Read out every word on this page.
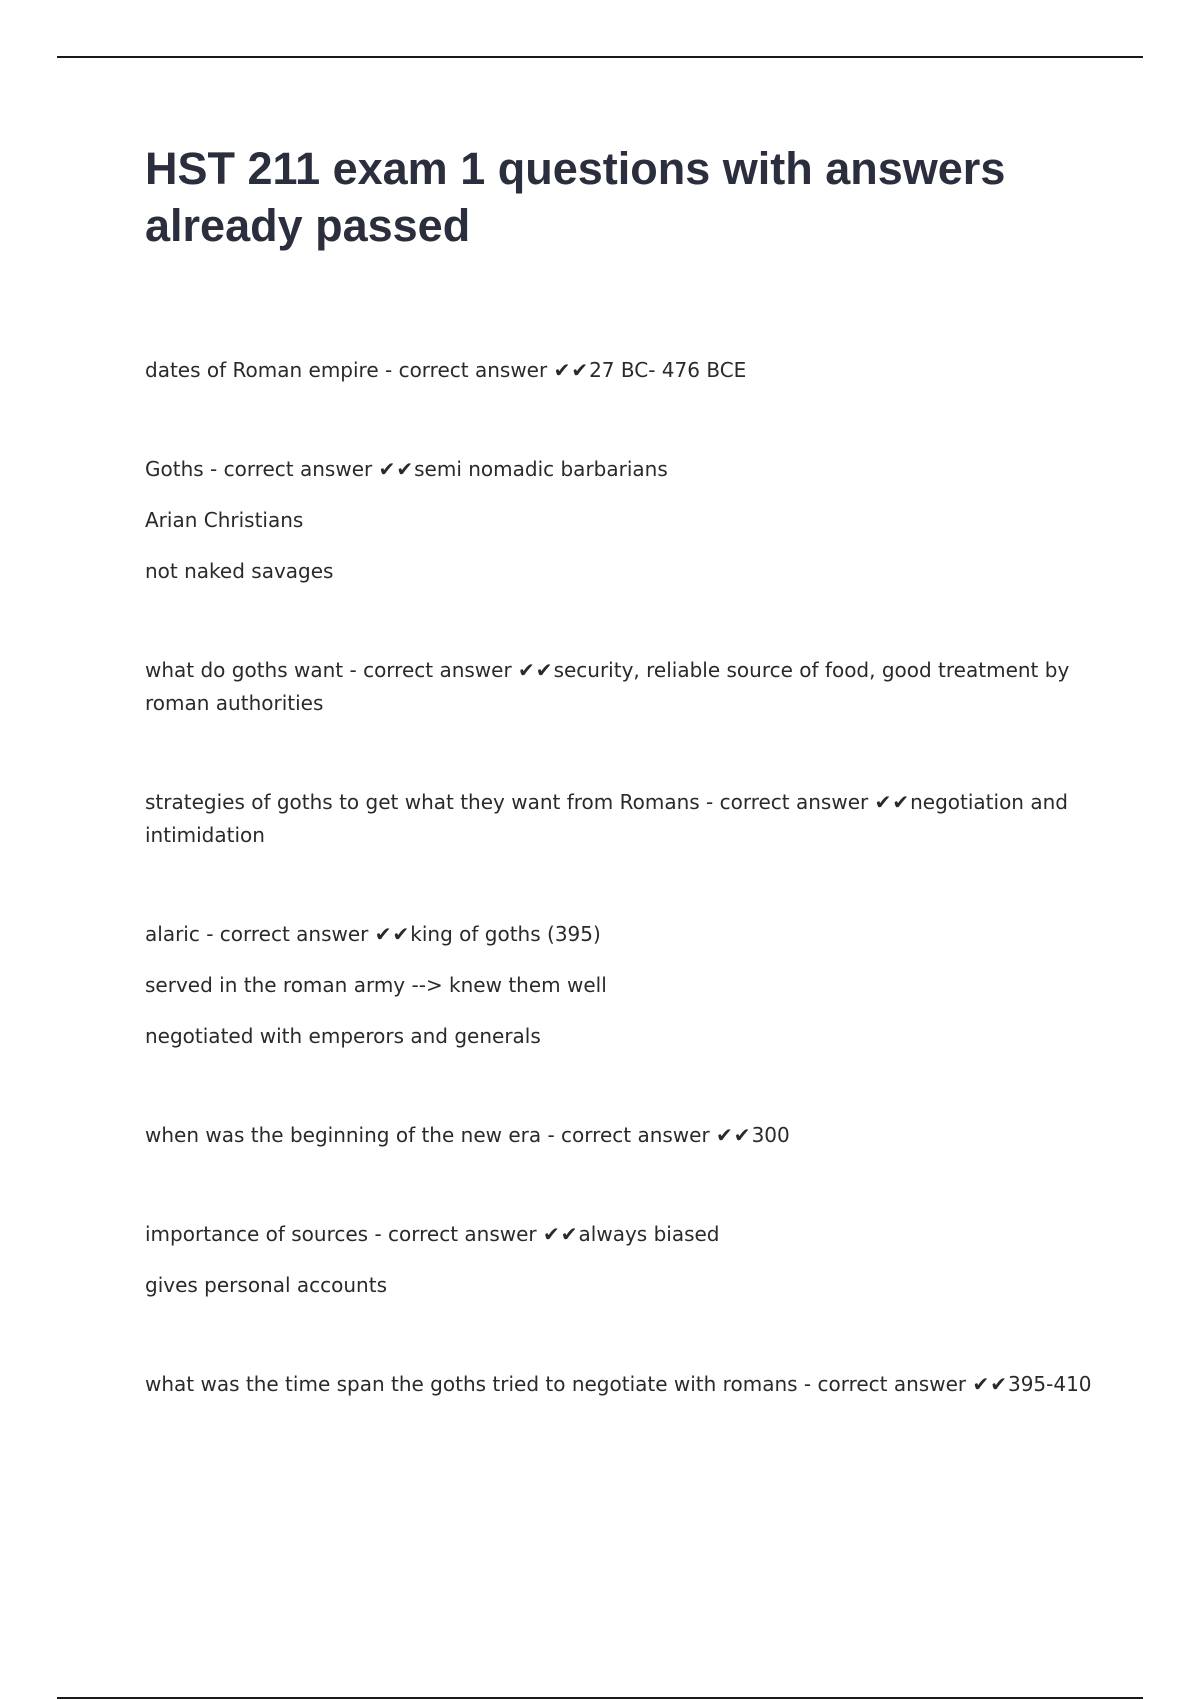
HST 211 exam 1 questions with answers already passed

dates of Roman empire - correct answer ✔✔27 BC- 476 BCE

Goths - correct answer ✔✔semi nomadic barbarians

Arian Christians

not naked savages

what do goths want - correct answer ✔✔security, reliable source of food, good treatment by roman authorities

strategies of goths to get what they want from Romans - correct answer ✔✔negotiation and intimidation

alaric - correct answer ✔✔king of goths (395)

served in the roman army --> knew them well

negotiated with emperors and generals

when was the beginning of the new era - correct answer ✔✔300

importance of sources - correct answer ✔✔always biased

gives personal accounts

what was the time span the goths tried to negotiate with romans - correct answer ✔✔395-410
